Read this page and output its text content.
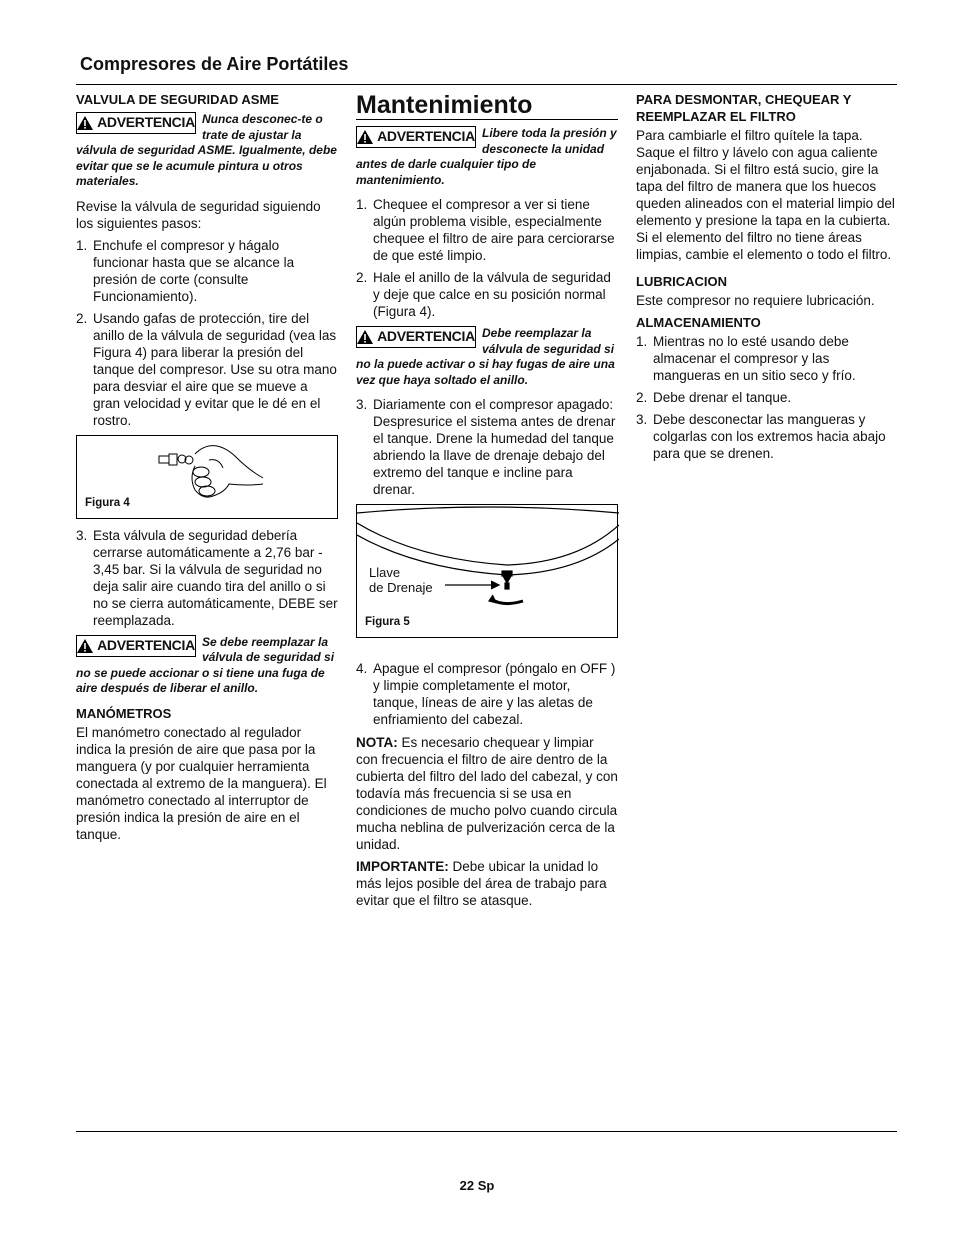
Compresores de Aire Portátiles
VALVULA DE SEGURIDAD ASME
ADVERTENCIA Nunca desconec-te o trate de ajustar la válvula de seguridad ASME. Igualmente, debe evitar que se le acumule pintura u otros materiales.

Revise la válvula de seguridad siguiendo los siguientes pasos:

1. Enchufe el compresor y hágalo funcionar hasta que se alcance la presión de corte (consulte Funcionamiento).
2. Usando gafas de protección, tire del anillo de la válvula de seguridad (vea las Figura 4) para liberar la presión del tanque del compresor. Use su otra mano para desviar el aire que se mueve a gran velocidad y evitar que le dé en el rostro.
Figura 4
3. Esta válvula de seguridad debería cerrarse automáticamente a 2,76 bar - 3,45 bar. Si la válvula de seguridad no deja salir aire cuando tira del anillo o si no se cierra automáticamente, DEBE ser reemplazada.
ADVERTENCIA Se debe reemplazar la válvula de seguridad si no se puede accionar o si tiene una fuga de aire después de liberar el anillo.
MANÓMETROS

El manómetro conectado al regulador indica la presión de aire que pasa por la manguera (y por cualquier herramienta conectada al extremo de la manguera). El manómetro conectado al interruptor de presión indica la presión de aire en el tanque.

Mantenimiento
ADVERTENCIA Libere toda la presión y desconecte la unidad antes de darle cualquier tipo de mantenimiento.
1. Chequee el compresor a ver si tiene algún problema visible, especialmente chequee el filtro de aire para cerciorarse de que esté limpio.
2. Hale el anillo de la válvula de seguridad y deje que calce en su posición normal (Figura 4).
ADVERTENCIA Debe reemplazar la válvula de seguridad si no la puede activar o si hay fugas de aire una vez que haya soltado el anillo.
3. Diariamente con el compresor apagado: Despresurice el sistema antes de drenar el tanque. Drene la humedad del tanque abriendo la llave de drenaje debajo del extremo del tanque e incline para drenar.
Llave
de Drenaje
Figura 5
4. Apague el compresor (póngalo en OFF ) y limpie completamente el motor, tanque, líneas de aire y las aletas de enfriamiento del cabezal.

NOTA: Es necesario chequear y limpiar con frecuencia el filtro de aire dentro de la cubierta del filtro del lado del cabezal, y con todavía más frecuencia si se usa en condiciones de mucho polvo cuando circula mucha neblina de pulverización cerca de la unidad.

IMPORTANTE: Debe ubicar la unidad lo más lejos posible del área de trabajo para evitar que el filtro se atasque.

PARA DESMONTAR, CHEQUEAR Y REEMPLAZAR EL FILTRO

Para cambiarle el filtro quítele la tapa. Saque el filtro y lávelo con agua caliente enjabonada. Si el filtro está sucio, gire la tapa del filtro de manera que los huecos queden alineados con el material limpio del elemento y presione la tapa en la cubierta. Si el elemento del filtro no tiene áreas limpias, cambie el elemento o todo el filtro.

LUBRICACION

Este compresor no requiere lubricación.

ALMACENAMIENTO
1. Mientras no lo esté usando debe almacenar el compresor y las mangueras en un sitio seco y frío.
2. Debe drenar el tanque.
3. Debe desconectar las mangueras y colgarlas con los extremos hacia abajo para que se drenen.
22 Sp
